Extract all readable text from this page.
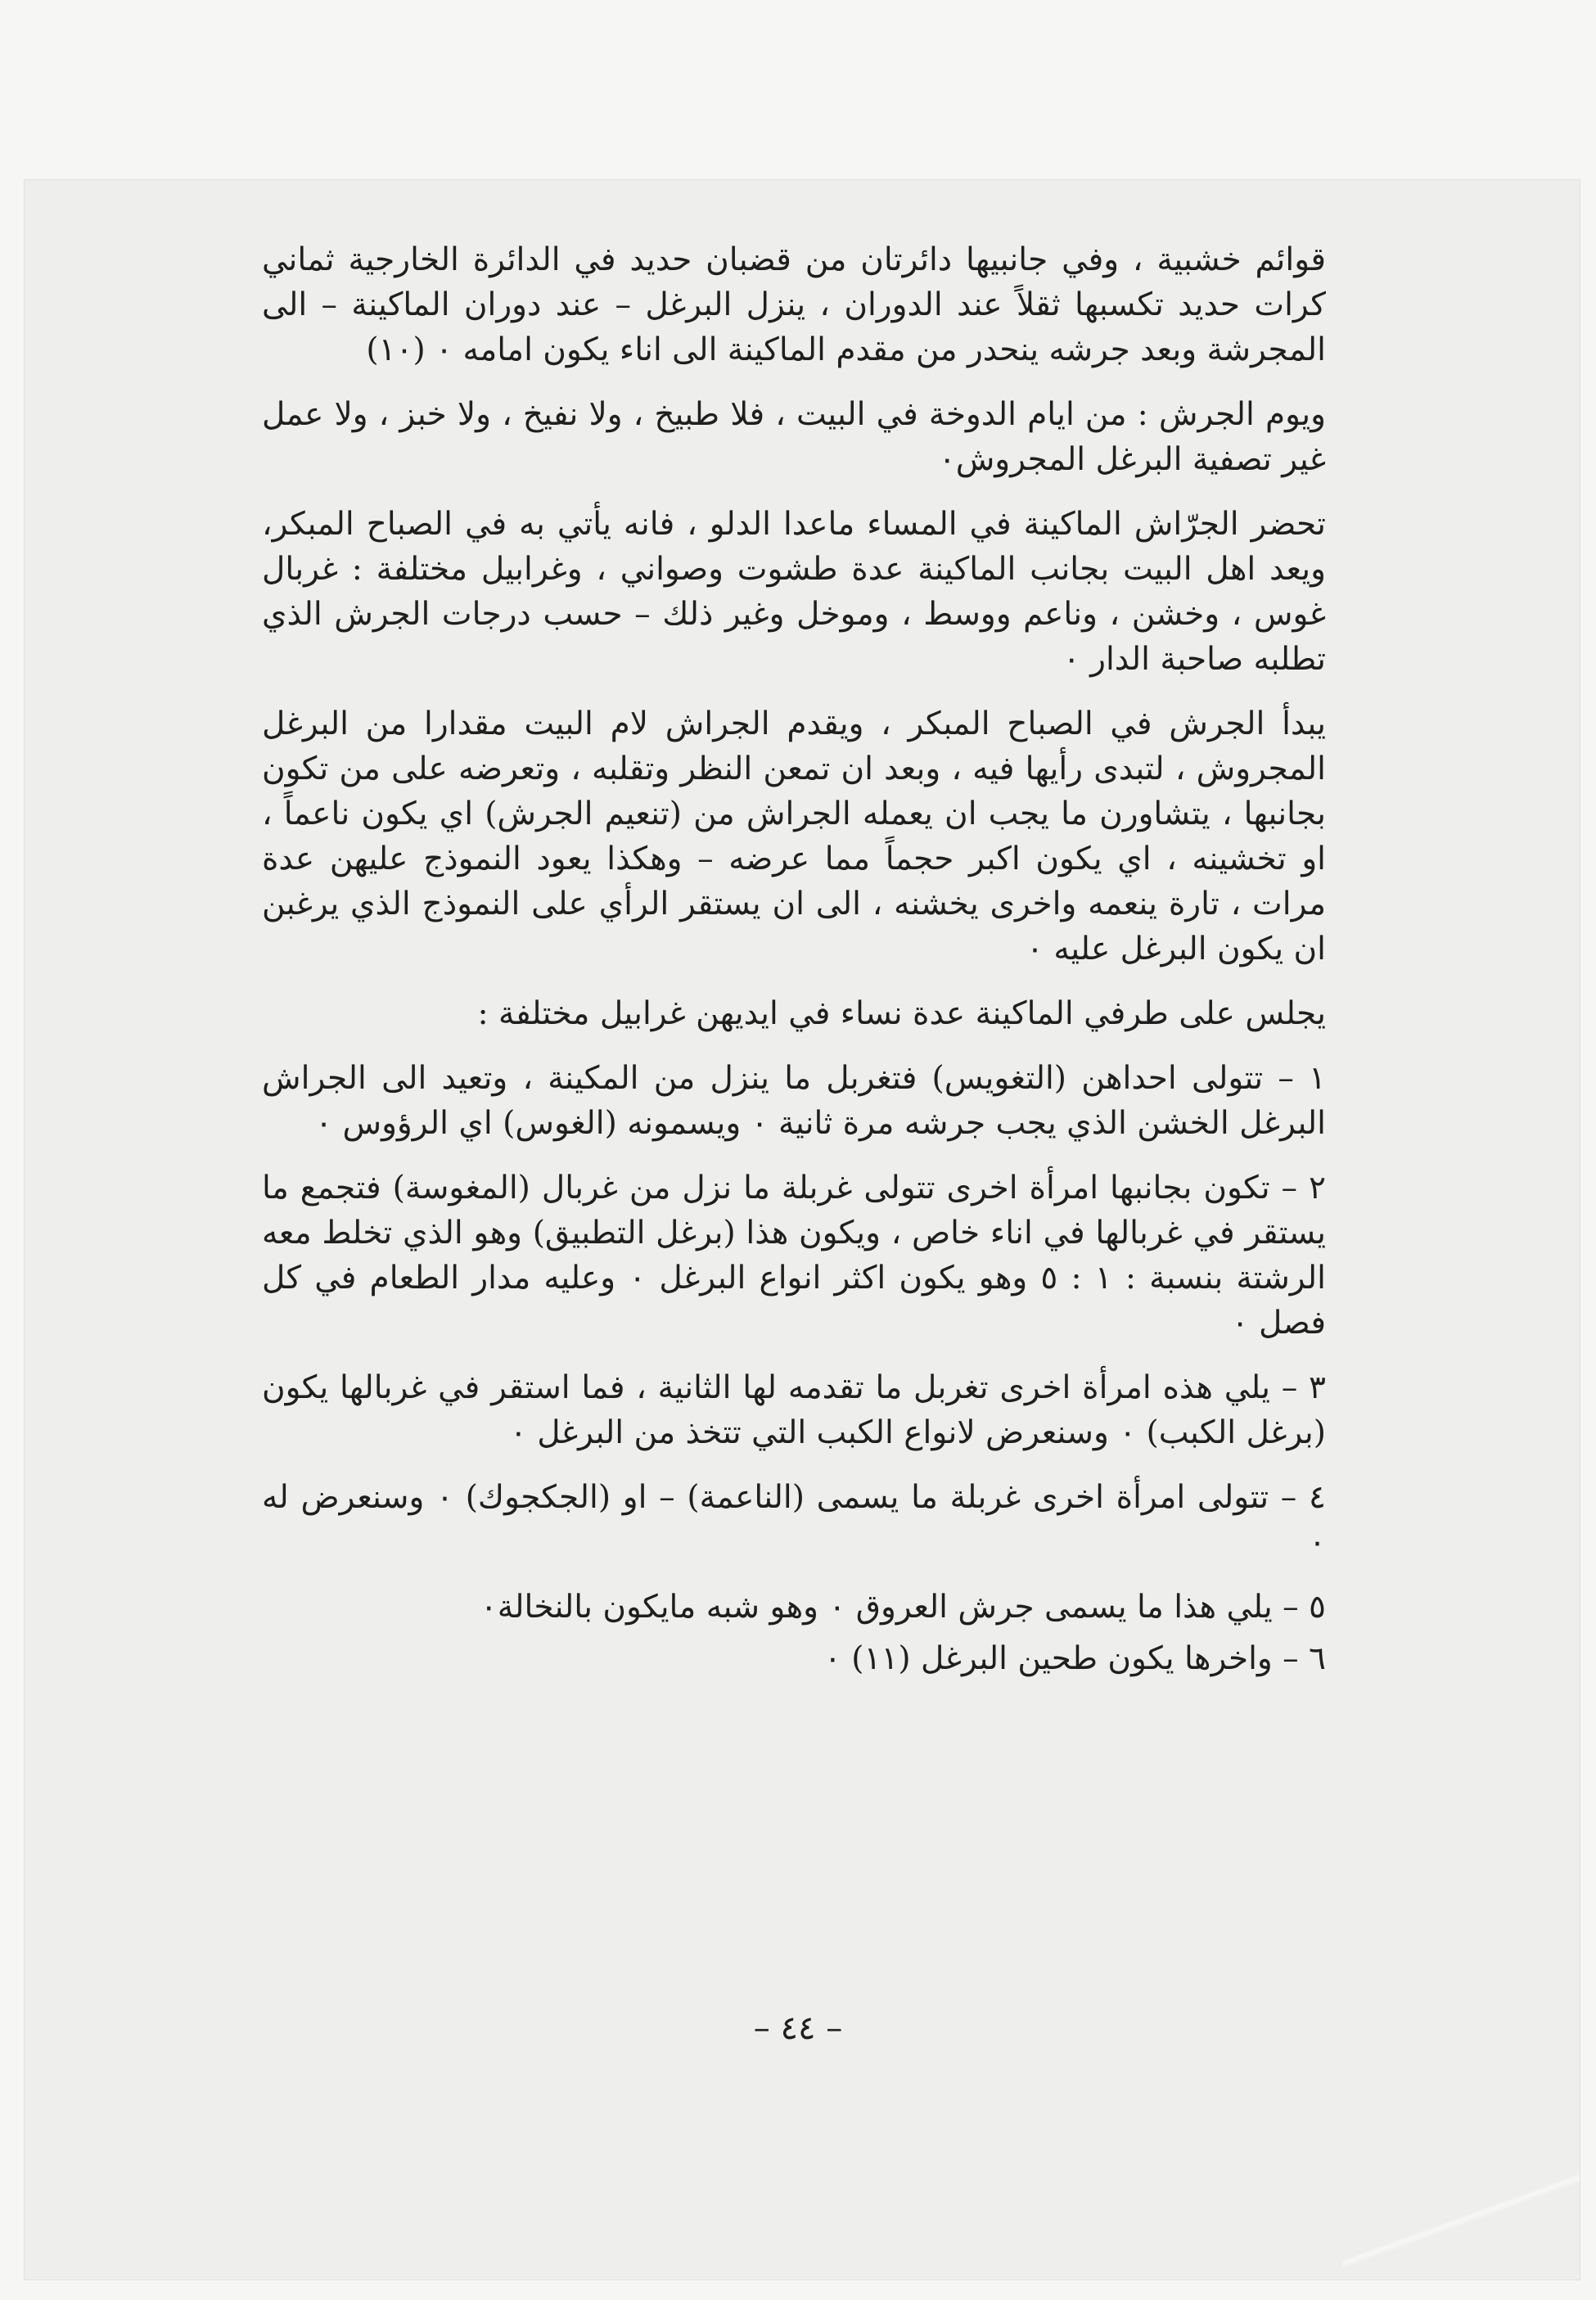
قوائم خشبية ، وفي جانبيها دائرتان من قضبان حديد في الدائرة الخارجية ثماني كرات حديد تكسبها ثقلاً عند الدوران ، ينزل البرغل – عند دوران الماكينة – الى المجرشة وبعد جرشه ينحدر من مقدم الماكينة الى اناء يكون امامه ٠ (١٠)

ويوم الجرش : من ايام الدوخة في البيت ، فلا طبيخ ، ولا نفيخ ، ولا خبز ، ولا عمل غير تصفية البرغل المجروش٠

تحضر الجرّاش الماكينة في المساء ماعدا الدلو ، فانه يأتي به في الصباح المبكر، ويعد اهل البيت بجانب الماكينة عدة طشوت وصواني ، وغرابيل مختلفة : غربال غوس ، وخشن ، وناعم ووسط ، وموخل وغير ذلك – حسب درجات الجرش الذي تطلبه صاحبة الدار ٠

يبدأ الجرش في الصباح المبكر ، ويقدم الجراش لام البيت مقدارا من البرغل المجروش ، لتبدى رأيها فيه ، وبعد ان تمعن النظر وتقلبه ، وتعرضه على من تكون بجانبها ، يتشاورن ما يجب ان يعمله الجراش من (تنعيم الجرش) اي يكون ناعماً ، او تخشينه ، اي يكون اكبر حجماً مما عرضه – وهكذا يعود النموذج عليهن عدة مرات ، تارة ينعمه واخرى يخشنه ، الى ان يستقر الرأي على النموذج الذي يرغبن ان يكون البرغل عليه ٠

يجلس على طرفي الماكينة عدة نساء في ايديهن غرابيل مختلفة :

١ – تتولى احداهن (التغويس) فتغربل ما ينزل من المكينة ، وتعيد الى الجراش البرغل الخشن الذي يجب جرشه مرة ثانية ٠ ويسمونه (الغوس) اي الرؤوس ٠

٢ – تكون بجانبها امرأة اخرى تتولى غربلة ما نزل من غربال (المغوسة) فتجمع ما يستقر في غربالها في اناء خاص ، ويكون هذا (برغل التطبيق) وهو الذي تخلط معه الرشتة بنسبة : ١ : ٥ وهو يكون اكثر انواع البرغل ٠ وعليه مدار الطعام في كل فصل ٠

٣ – يلي هذه امرأة اخرى تغربل ما تقدمه لها الثانية ، فما استقر في غربالها يكون (برغل الكبب) ٠ وسنعرض لانواع الكبب التي تتخذ من البرغل ٠

٤ – تتولى امرأة اخرى غربلة ما يسمى (الناعمة) – او (الجكجوك) ٠ وسنعرض له ٠

٥ – يلي هذا ما يسمى جرش العروق ٠ وهو شبه مايكون بالنخالة٠

٦ – واخرها يكون طحين البرغل (١١) ٠

– ٤٤ –
